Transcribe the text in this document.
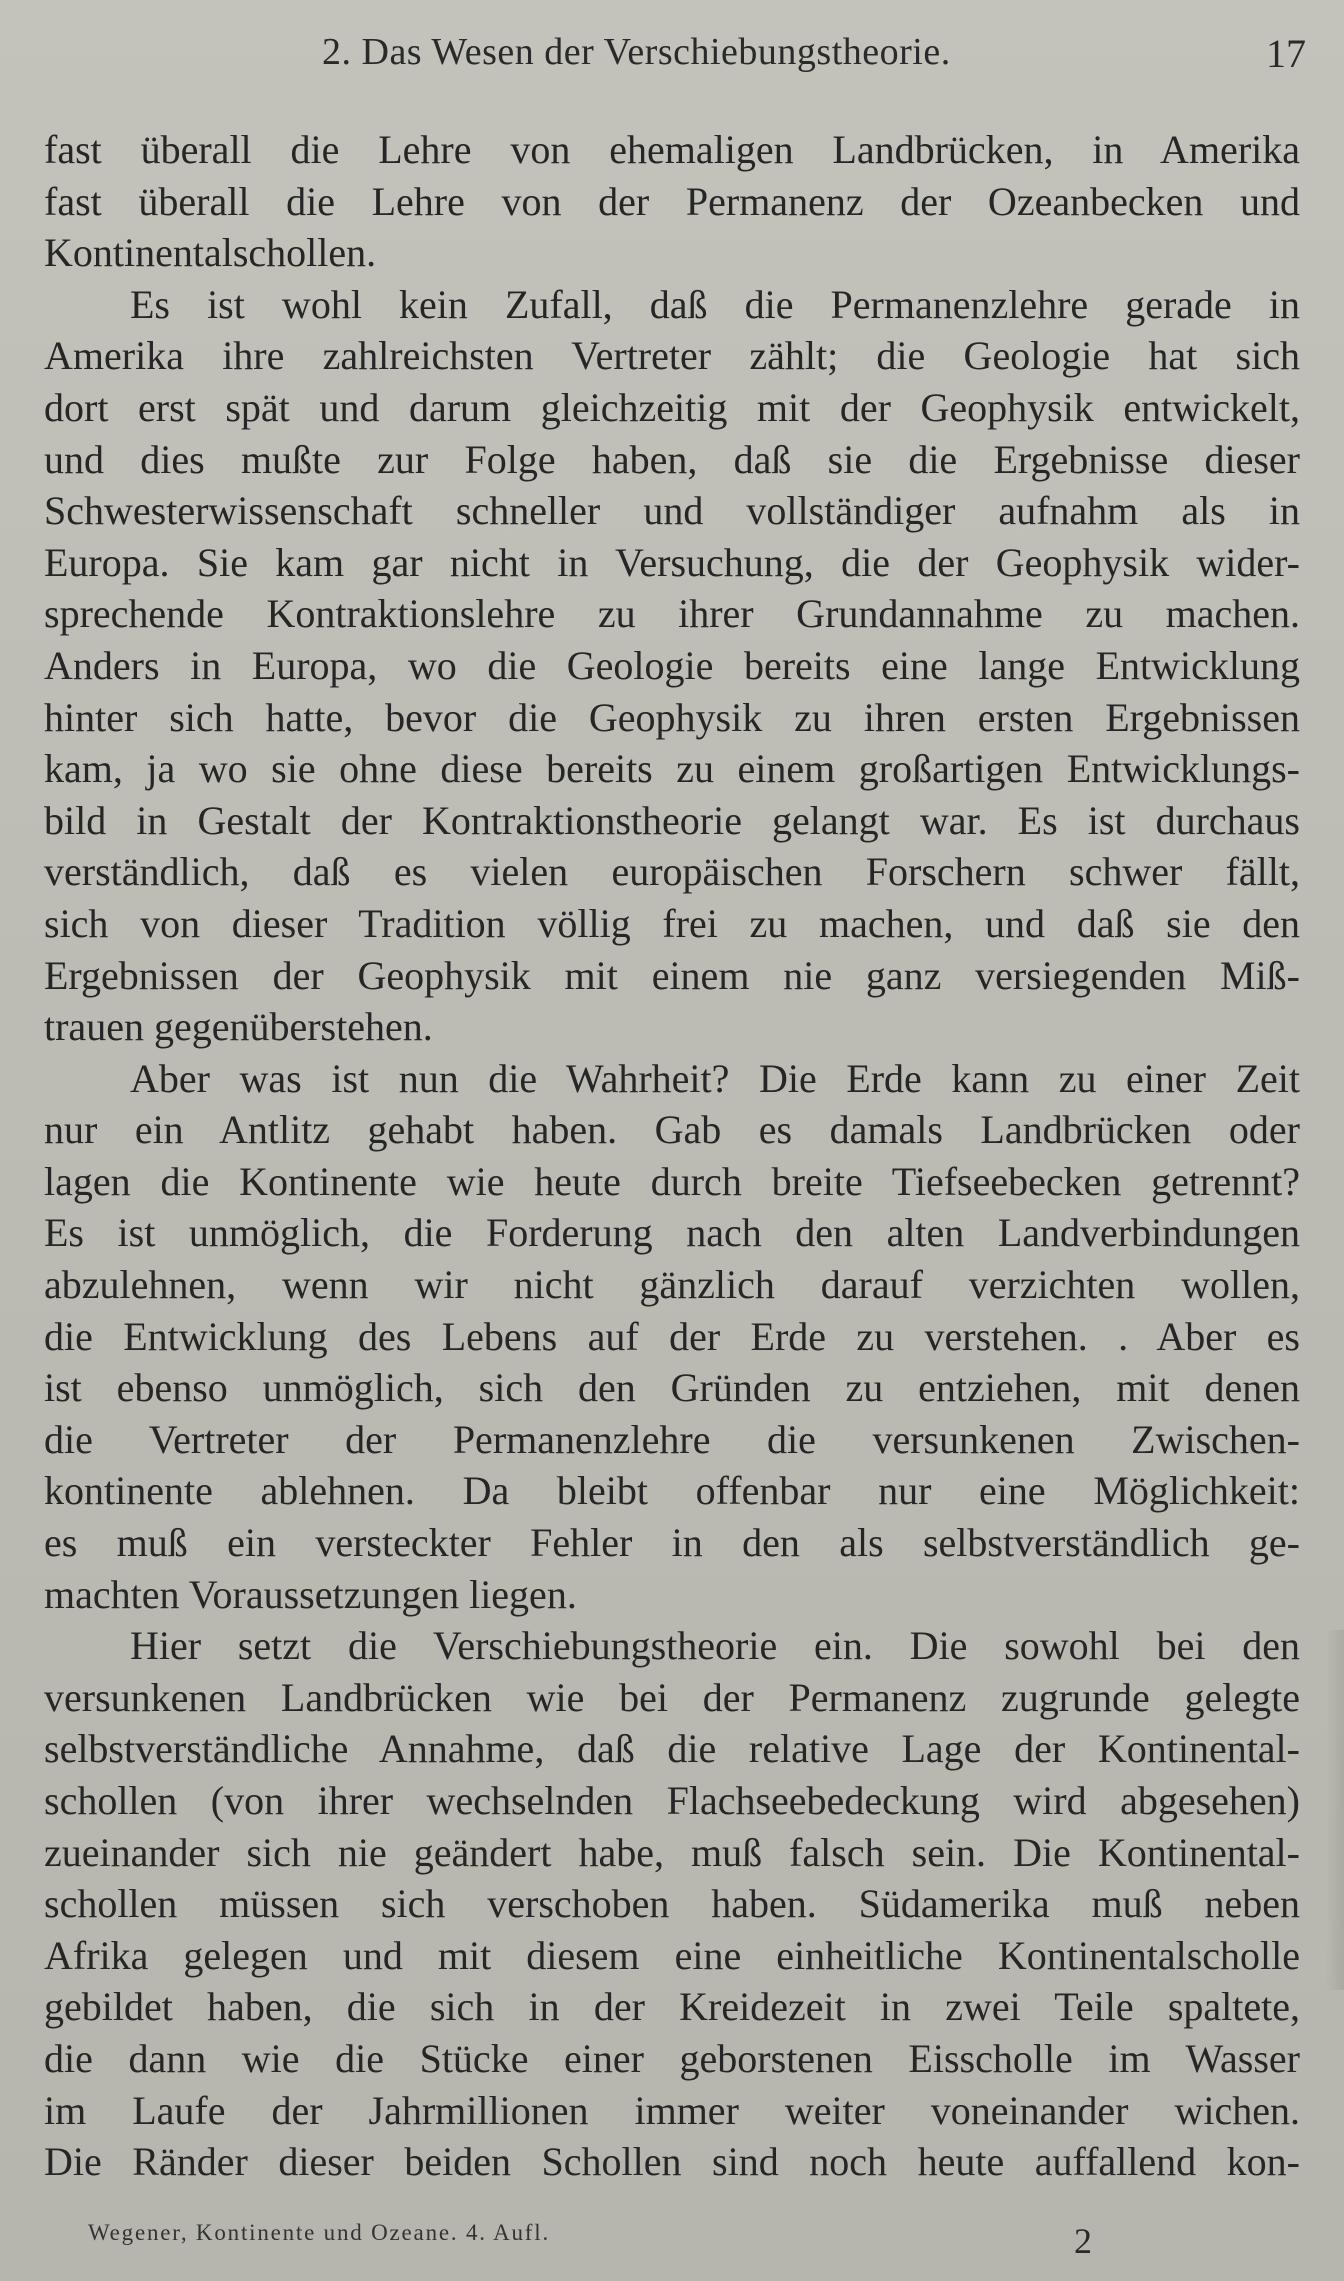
2. Das Wesen der Verschiebungstheorie.	17
fast überall die Lehre von ehemaligen Landbrücken, in Amerika
fast überall die Lehre von der Permanenz der Ozeanbecken und
Kontinentalschollen.
Es ist wohl kein Zufall, daß die Permanenzlehre gerade in
Amerika ihre zahlreichsten Vertreter zählt; die Geologie hat sich
dort erst spät und darum gleichzeitig mit der Geophysik entwickelt,
und dies mußte zur Folge haben, daß sie die Ergebnisse dieser
Schwesterwissenschaft schneller und vollständiger aufnahm als in
Europa. Sie kam gar nicht in Versuchung, die der Geophysik wider-
sprechende Kontraktionslehre zu ihrer Grundannahme zu machen.
Anders in Europa, wo die Geologie bereits eine lange Entwicklung
hinter sich hatte, bevor die Geophysik zu ihren ersten Ergebnissen
kam, ja wo sie ohne diese bereits zu einem großartigen Entwicklungs-
bild in Gestalt der Kontraktionstheorie gelangt war. Es ist durchaus
verständlich, daß es vielen europäischen Forschern schwer fällt,
sich von dieser Tradition völlig frei zu machen, und daß sie den
Ergebnissen der Geophysik mit einem nie ganz versiegenden Miß-
trauen gegenüberstehen.
Aber was ist nun die Wahrheit? Die Erde kann zu einer Zeit
nur ein Antlitz gehabt haben. Gab es damals Landbrücken oder
lagen die Kontinente wie heute durch breite Tiefseebecken getrennt?
Es ist unmöglich, die Forderung nach den alten Landverbindungen
abzulehnen, wenn wir nicht gänzlich darauf verzichten wollen,
die Entwicklung des Lebens auf der Erde zu verstehen. . Aber es
ist ebenso unmöglich, sich den Gründen zu entziehen, mit denen
die Vertreter der Permanenzlehre die versunkenen Zwischen-
kontinente ablehnen. Da bleibt offenbar nur eine Möglichkeit:
es muß ein versteckter Fehler in den als selbstverständlich ge-
machten Voraussetzungen liegen.
Hier setzt die Verschiebungstheorie ein. Die sowohl bei den
versunkenen Landbrücken wie bei der Permanenz zugrunde gelegte
selbstverständliche Annahme, daß die relative Lage der Kontinental-
schollen (von ihrer wechselnden Flachseebedeckung wird abgesehen)
zueinander sich nie geändert habe, muß falsch sein. Die Kontinental-
schollen müssen sich verschoben haben. Südamerika muß neben
Afrika gelegen und mit diesem eine einheitliche Kontinentalscholle
gebildet haben, die sich in der Kreidezeit in zwei Teile spaltete,
die dann wie die Stücke einer geborstenen Eisscholle im Wasser
im Laufe der Jahrmillionen immer weiter voneinander wichen.
Die Ränder dieser beiden Schollen sind noch heute auffallend kon-
Wegener, Kontinente und Ozeane. 4. Aufl.	2
